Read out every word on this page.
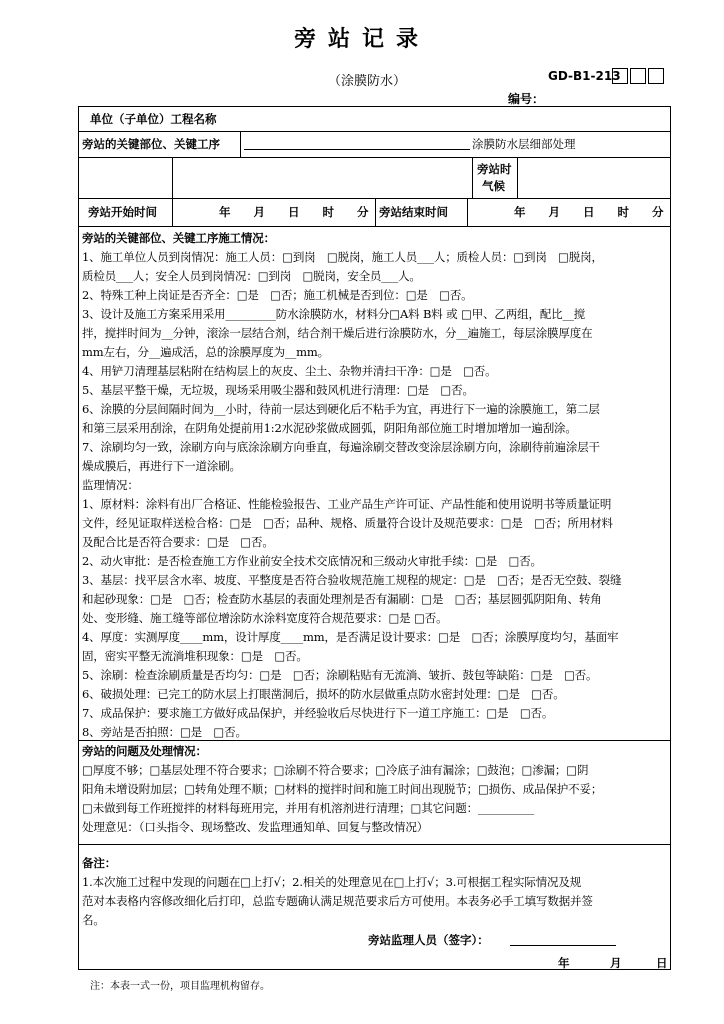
旁站记录
（涂膜防水）	GD-B1-213
编号：
单位（子单位）工程名称
旁站的关键部位、关键工序	涂膜防水层细部处理
旁站时
气候
旁站开始时间	年　　月　　日　　时　　分 旁站结束时间	年　　月　　日　　时　　分

旁站的关键部位、关键工序施工情况：

1、施工单位人员到岗情况：施工人员：□到岗　□脱岗，施工人员___人；质检人员：□到岗　□脱岗，

质检员___人；安全人员到岗情况：□到岗　□脱岗，安全员___人。

2、特殊工种上岗证是否齐全：□是　□否；施工机械是否到位：□是　□否。

3、设计及施工方案采用采用_________防水涂膜防水，材料分□A料 B料 或 □甲、乙两组，配比__搅

拌，搅拌时间为__分钟，滚涂一层结合剂，结合剂干燥后进行涂膜防水，分__遍施工，每层涂膜厚度在

mm左右，分__遍成活，总的涂膜厚度为__mm。

4、用铲刀清理基层粘附在结构层上的灰皮、尘土、杂物并清扫干净：□是　□否。

5、基层平整干燥，无垃圾，现场采用吸尘器和鼓风机进行清理：□是　□否。

6、涂膜的分层间隔时间为__小时，待前一层达到硬化后不粘手为宜，再进行下一遍的涂膜施工，第二层

和第三层采用刮涂，在阴角处提前用1:2水泥砂浆做成圆弧，阴阳角部位施工时增加增加一遍刮涂。

7、涂刷均匀一致，涂刷方向与底涂涂刷方向垂直，每遍涂刷交替改变涂层涂刷方向，涂刷待前遍涂层干

燥成膜后，再进行下一道涂刷。

监理情况：

1、原材料：涂料有出厂合格证、性能检验报告、工业产品生产许可证、产品性能和使用说明书等质量证明

文件，经见证取样送检合格：□是　□否；品种、规格、质量符合设计及规范要求：□是　□否；所用材料

及配合比是否符合要求：□是　□否。

2、动火审批：是否检查施工方作业前安全技术交底情况和三级动火审批手续：□是　□否。

3、基层：找平层含水率、坡度、平整度是否符合验收规范施工规程的规定：□是　□否；是否无空鼓、裂缝

和起砂现象：□是　□否；检查防水基层的表面处理剂是否有漏刷：□是　□否；基层圆弧阴阳角、转角

处、变形缝、施工缝等部位增涂防水涂料宽度符合规范要求：□是 □否。

4、厚度：实测厚度____mm，设计厚度____mm，是否满足设计要求：□是　□否；涂膜厚度均匀，基面牢

固，密实平整无流淌堆积现象：□是　□否。

5、涂刷：检查涂刷质量是否均匀：□是　□否；涂刷粘贴有无流淌、皱折、鼓包等缺陷：□是　□否。

6、破损处理：已完工的防水层上打眼凿洞后，损坏的防水层做重点防水密封处理：□是　□否。

7、成品保护：要求施工方做好成品保护，并经验收后尽快进行下一道工序施工：□是　□否。

8、旁站是否拍照：□是　□否。

旁站的问题及处理情况：

□厚度不够；□基层处理不符合要求；□涂刷不符合要求；□冷底子油有漏涂；□鼓泡；□渗漏；□阴

阳角未增设附加层；□转角处理不顺；□材料的搅拌时间和施工时间出现脱节；□损伤、成品保护不妥；

□未做到每工作班搅拌的材料每班用完，并用有机溶剂进行清理；□其它问题：__________

处理意见：（口头指令、现场整改、发监理通知单、回复与整改情况）

备注：

1.本次施工过程中发现的问题在□上打√；2.相关的处理意见在□上打√；3.可根据工程实际情况及规

范对本表格内容修改细化后打印，总监专题确认满足规范要求后方可使用。本表务必手工填写数据并签

名。

旁站监理人员（签字）：
年	月	日
注：本表一式一份，项目监理机构留存。
